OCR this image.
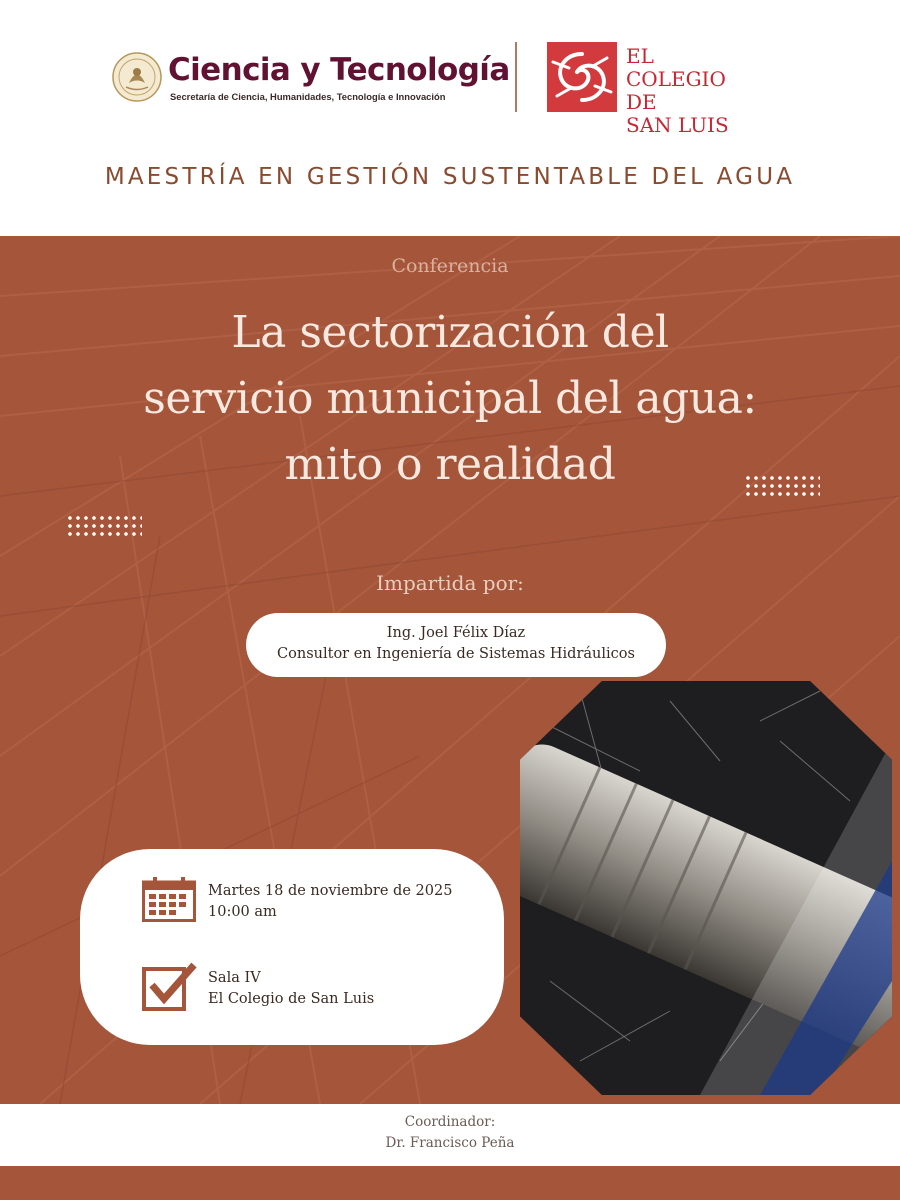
Ciencia y Tecnología
Secretaría de Ciencia, Humanidades, Tecnología e Innovación
EL
COLEGIO
DE
SAN LUIS
MAESTRÍA EN GESTIÓN SUSTENTABLE DEL AGUA
Conferencia
La sectorización del
servicio municipal del agua:
mito o realidad
Impartida por:
Ing. Joel Félix Díaz
Consultor en Ingeniería de Sistemas Hidráulicos
Martes 18 de noviembre de 2025
10:00 am
Sala IV
El Colegio de San Luis
Coordinador:
Dr. Francisco Peña
